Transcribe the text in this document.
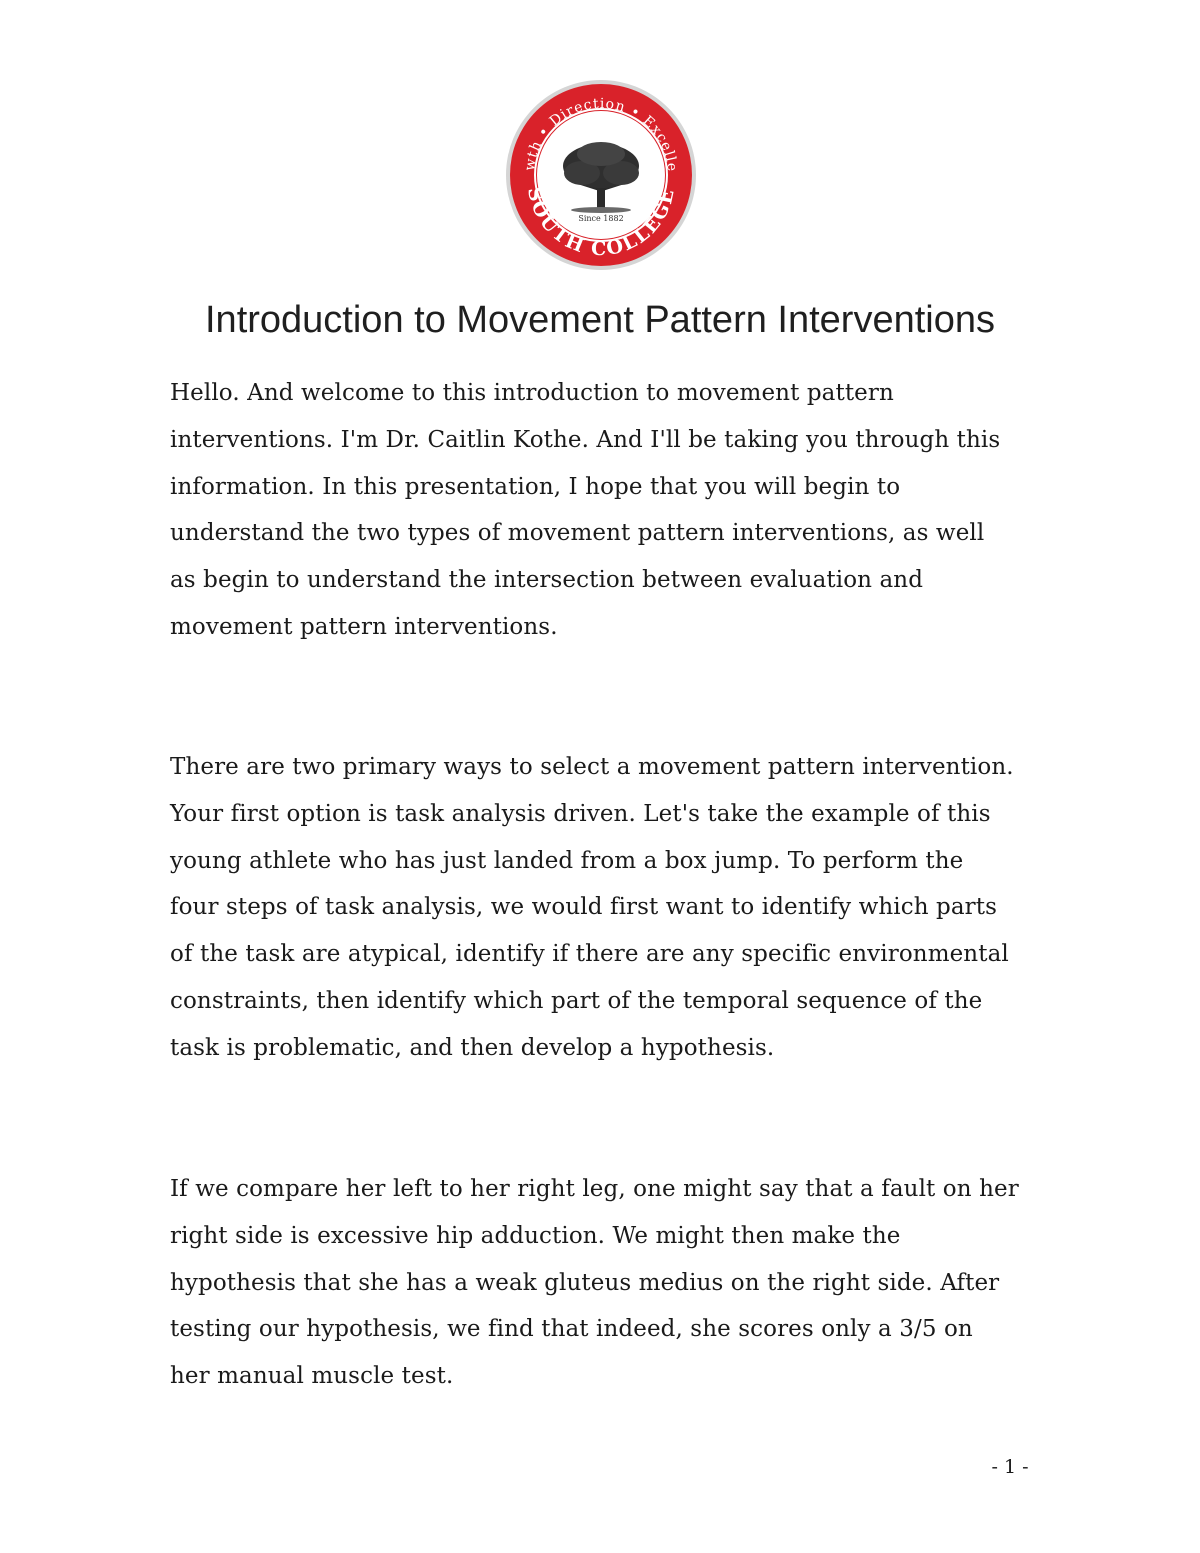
wth • Direction • Excelle
SOUTH COLLEGE
Since 1882
Introduction to Movement Pattern Interventions

Hello. And welcome to this introduction to movement pattern
interventions. I'm Dr. Caitlin Kothe. And I'll be taking you through this
information. In this presentation, I hope that you will begin to
understand the two types of movement pattern interventions, as well
as begin to understand the intersection between evaluation and
movement pattern interventions.

There are two primary ways to select a movement pattern intervention.
Your first option is task analysis driven. Let's take the example of this
young athlete who has just landed from a box jump. To perform the
four steps of task analysis, we would first want to identify which parts
of the task are atypical, identify if there are any specific environmental
constraints, then identify which part of the temporal sequence of the
task is problematic, and then develop a hypothesis.

If we compare her left to her right leg, one might say that a fault on her
right side is excessive hip adduction. We might then make the
hypothesis that she has a weak gluteus medius on the right side. After
testing our hypothesis, we find that indeed, she scores only a 3/5 on
her manual muscle test.

- 1 -
